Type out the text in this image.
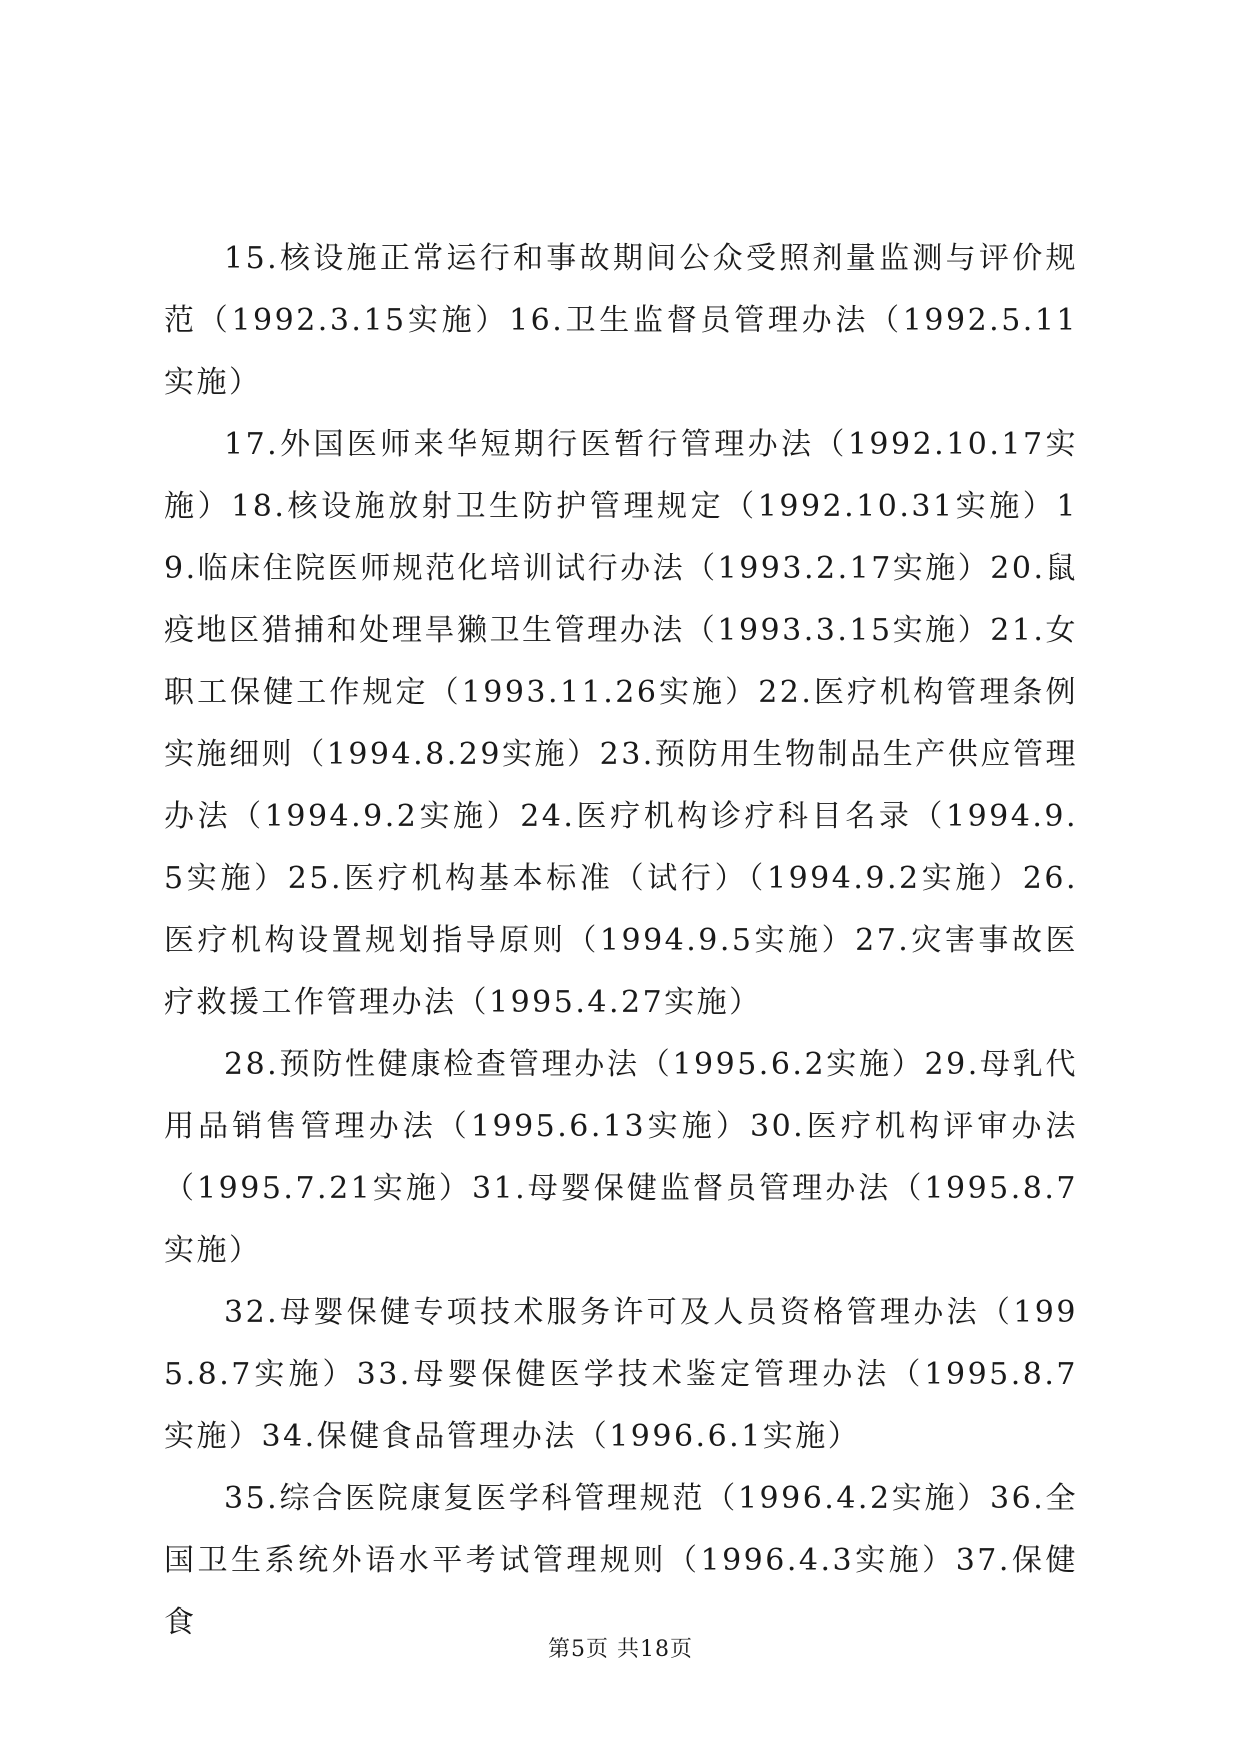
15.核设施正常运行和事故期间公众受照剂量监测与评价规范（1992.3.15实施）16.卫生监督员管理办法（1992.5.11实施）

17.外国医师来华短期行医暂行管理办法（1992.10.17实施）18.核设施放射卫生防护管理规定（1992.10.31实施）19.临床住院医师规范化培训试行办法（1993.2.17实施）20.鼠疫地区猎捕和处理旱獭卫生管理办法（1993.3.15实施）21.女职工保健工作规定（1993.11.26实施）22.医疗机构管理条例实施细则（1994.8.29实施）23.预防用生物制品生产供应管理办法（1994.9.2实施）24.医疗机构诊疗科目名录（1994.9.5实施）25.医疗机构基本标准（试行）（1994.9.2实施）26.医疗机构设置规划指导原则（1994.9.5实施）27.灾害事故医疗救援工作管理办法（1995.4.27实施）

28.预防性健康检查管理办法（1995.6.2实施）29.母乳代用品销售管理办法（1995.6.13实施）30.医疗机构评审办法（1995.7.21实施）31.母婴保健监督员管理办法（1995.8.7实施）

32.母婴保健专项技术服务许可及人员资格管理办法（1995.8.7实施）33.母婴保健医学技术鉴定管理办法（1995.8.7实施）34.保健食品管理办法（1996.6.1实施）

35.综合医院康复医学科管理规范（1996.4.2实施）36.全国卫生系统外语水平考试管理规则（1996.4.3实施）37.保健食

第5页 共18页
